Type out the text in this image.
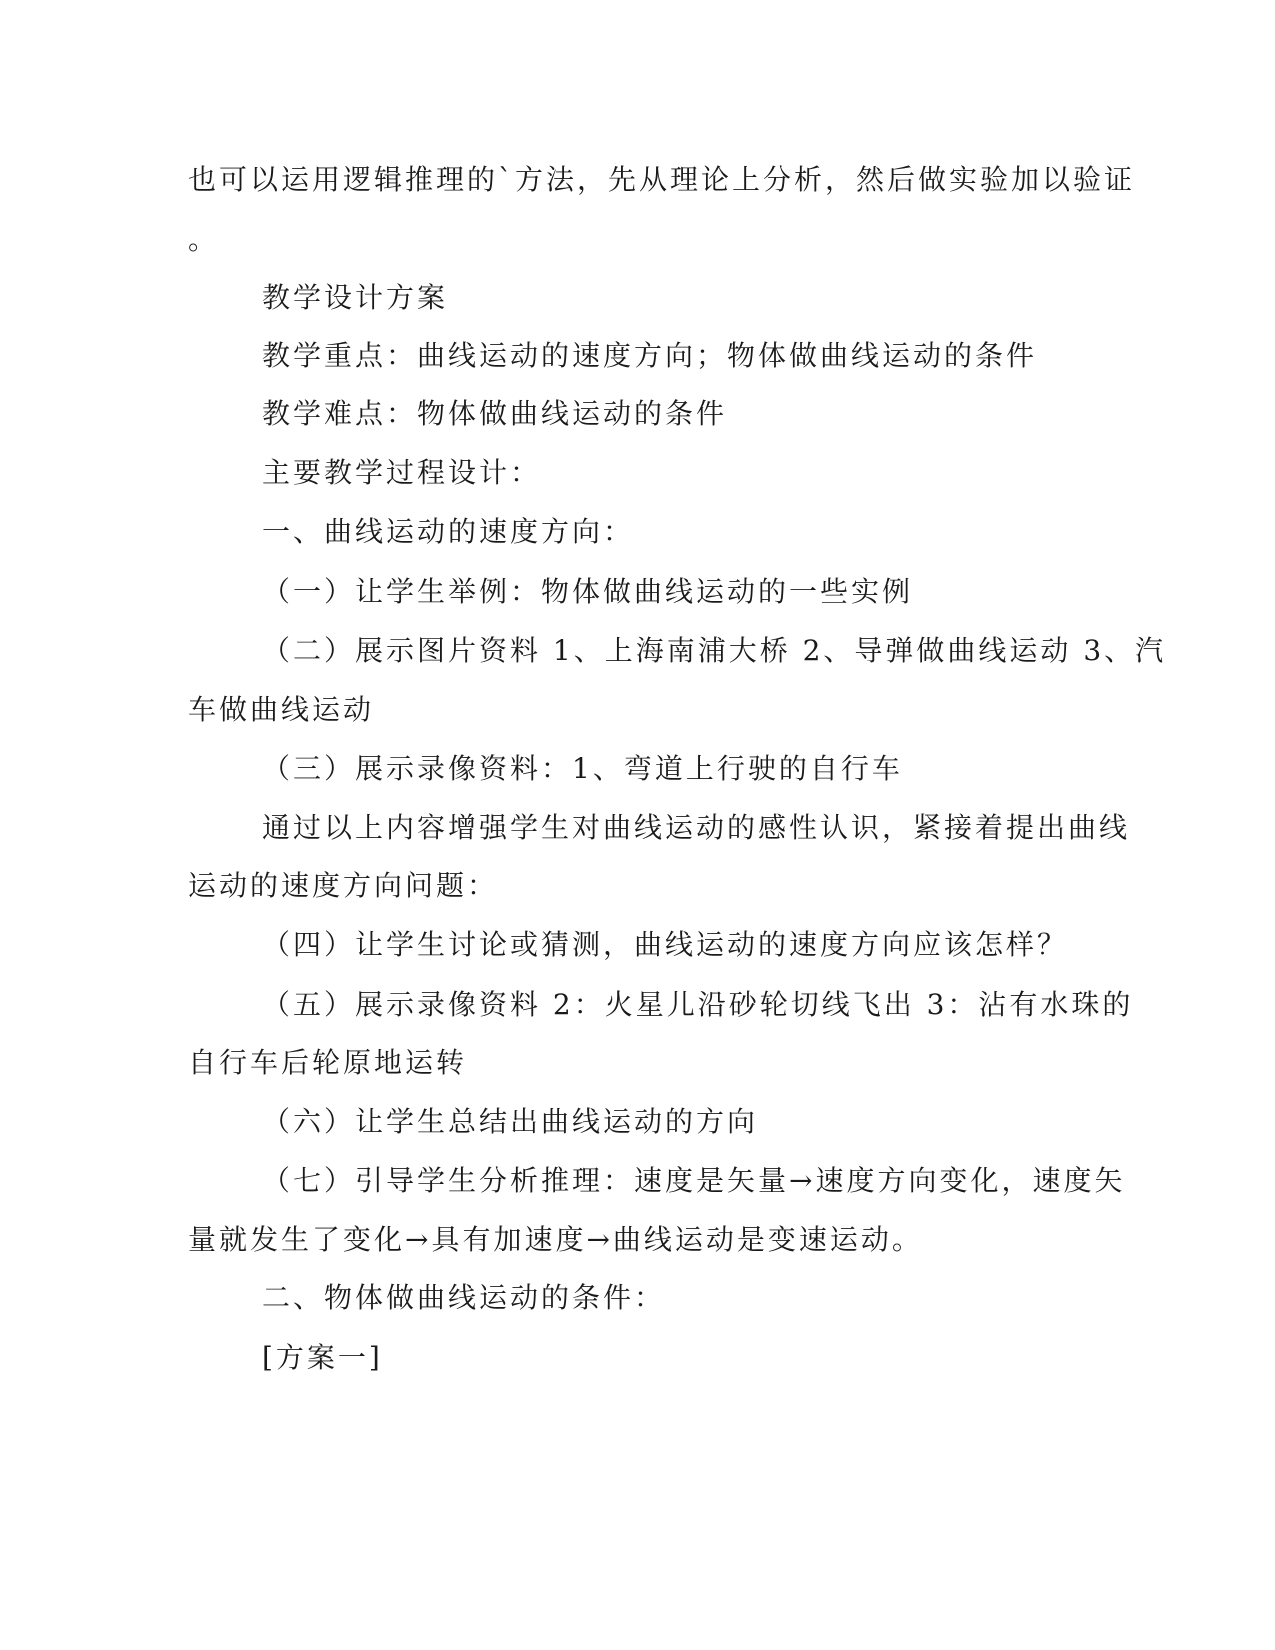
也可以运用逻辑推理的`方法，先从理论上分析，然后做实验加以验证
。
教学设计方案
教学重点：曲线运动的速度方向；物体做曲线运动的条件
教学难点：物体做曲线运动的条件
主要教学过程设计：
一、曲线运动的速度方向：
（一）让学生举例：物体做曲线运动的一些实例
（二）展示图片资料 1、上海南浦大桥 2、导弹做曲线运动 3、汽
车做曲线运动
（三）展示录像资料：1、弯道上行驶的自行车
通过以上内容增强学生对曲线运动的感性认识，紧接着提出曲线
运动的速度方向问题：
（四）让学生讨论或猜测，曲线运动的速度方向应该怎样？
（五）展示录像资料 2：火星儿沿砂轮切线飞出 3：沾有水珠的
自行车后轮原地运转
（六）让学生总结出曲线运动的方向
（七）引导学生分析推理：速度是矢量→速度方向变化，速度矢
量就发生了变化→具有加速度→曲线运动是变速运动。
二、物体做曲线运动的条件：
[方案一]
